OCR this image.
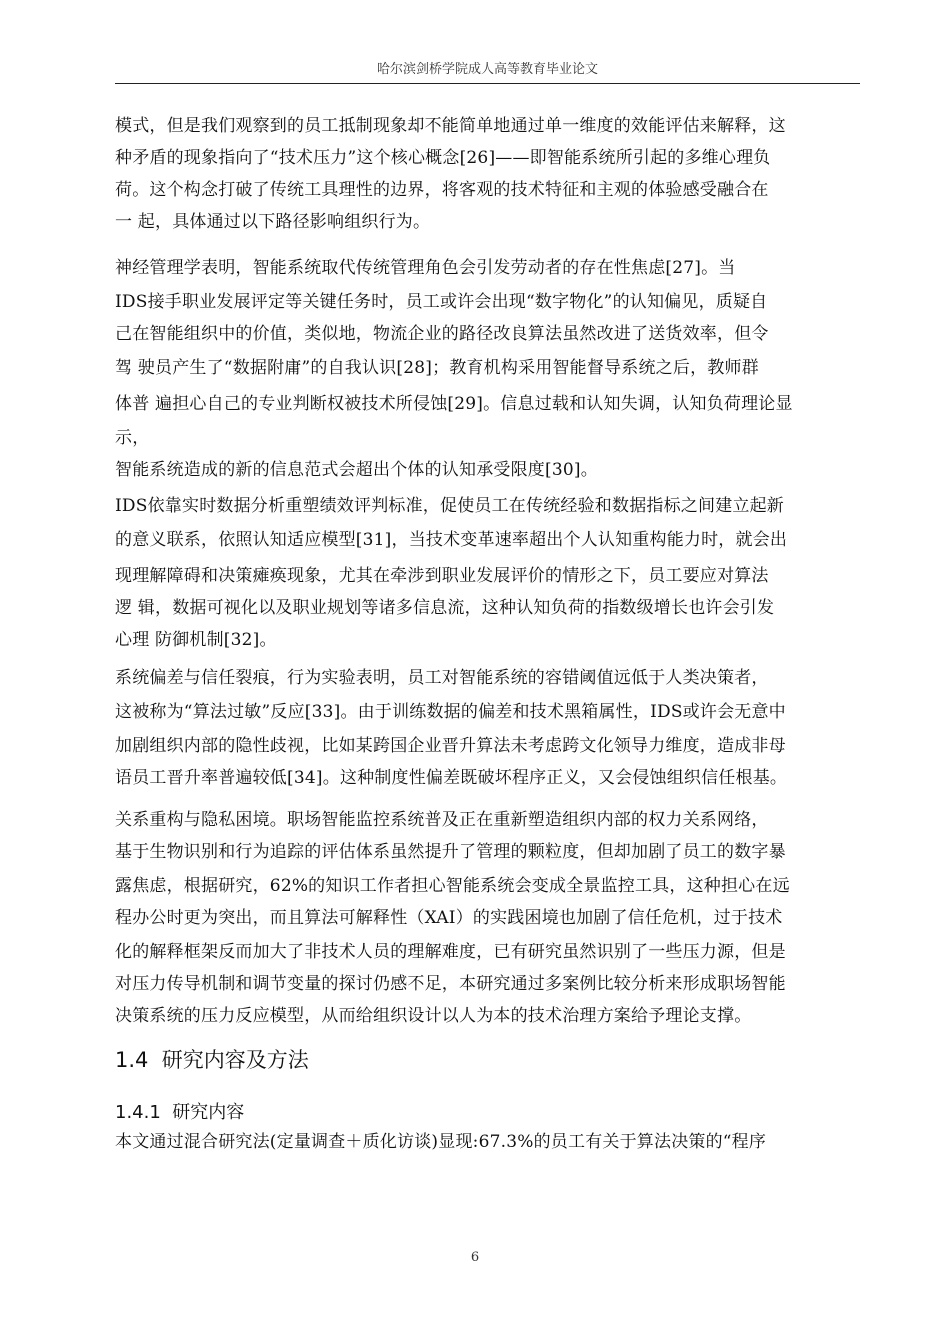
哈尔滨剑桥学院成人高等教育毕业论文
模式，但是我们观察到的员工抵制现象却不能简单地通过单一维度的效能评估来解释，这
种矛盾的现象指向了“技术压力”这个核心概念[26]——即智能系统所引起的多维心理负
荷。这个构念打破了传统工具理性的边界，将客观的技术特征和主观的体验感受融合在
一 起，具体通过以下路径影响组织行为。
神经管理学表明，智能系统取代传统管理角色会引发劳动者的存在性焦虑[27]。当
IDS接手职业发展评定等关键任务时，员工或许会出现“数字物化”的认知偏见，质疑自
己在智能组织中的价值，类似地，物流企业的路径改良算法虽然改进了送货效率，但令
驾 驶员产生了“数据附庸”的自我认识[28]；教育机构采用智能督导系统之后，教师群
体普 遍担心自己的专业判断权被技术所侵蚀[29]。信息过载和认知失调，认知负荷理论显
示，
智能系统造成的新的信息范式会超出个体的认知承受限度[30]。
IDS依靠实时数据分析重塑绩效评判标准，促使员工在传统经验和数据指标之间建立起新
的意义联系，依照认知适应模型[31]，当技术变革速率超出个人认知重构能力时，就会出
现理解障碍和决策瘫痪现象，尤其在牵涉到职业发展评价的情形之下，员工要应对算法
逻 辑，数据可视化以及职业规划等诸多信息流，这种认知负荷的指数级增长也许会引发
心理 防御机制[32]。
系统偏差与信任裂痕，行为实验表明，员工对智能系统的容错阈值远低于人类决策者，
这被称为“算法过敏”反应[33]。由于训练数据的偏差和技术黑箱属性，IDS或许会无意中
加剧组织内部的隐性歧视，比如某跨国企业晋升算法未考虑跨文化领导力维度，造成非母
语员工晋升率普遍较低[34]。这种制度性偏差既破坏程序正义，又会侵蚀组织信任根基。
关系重构与隐私困境。职场智能监控系统普及正在重新塑造组织内部的权力关系网络，
基于生物识别和行为追踪的评估体系虽然提升了管理的颗粒度，但却加剧了员工的数字暴
露焦虑，根据研究，62%的知识工作者担心智能系统会变成全景监控工具，这种担心在远
程办公时更为突出，而且算法可解释性（XAI）的实践困境也加剧了信任危机，过于技术
化的解释框架反而加大了非技术人员的理解难度，已有研究虽然识别了一些压力源，但是
对压力传导机制和调节变量的探讨仍感不足，本研究通过多案例比较分析来形成职场智能
决策系统的压力反应模型，从而给组织设计以人为本的技术治理方案给予理论支撑。
1.4 研究内容及方法
1.4.1 研究内容
本文通过混合研究法(定量调查＋质化访谈)显现:67.3%的员工有关于算法决策的“程序
6
